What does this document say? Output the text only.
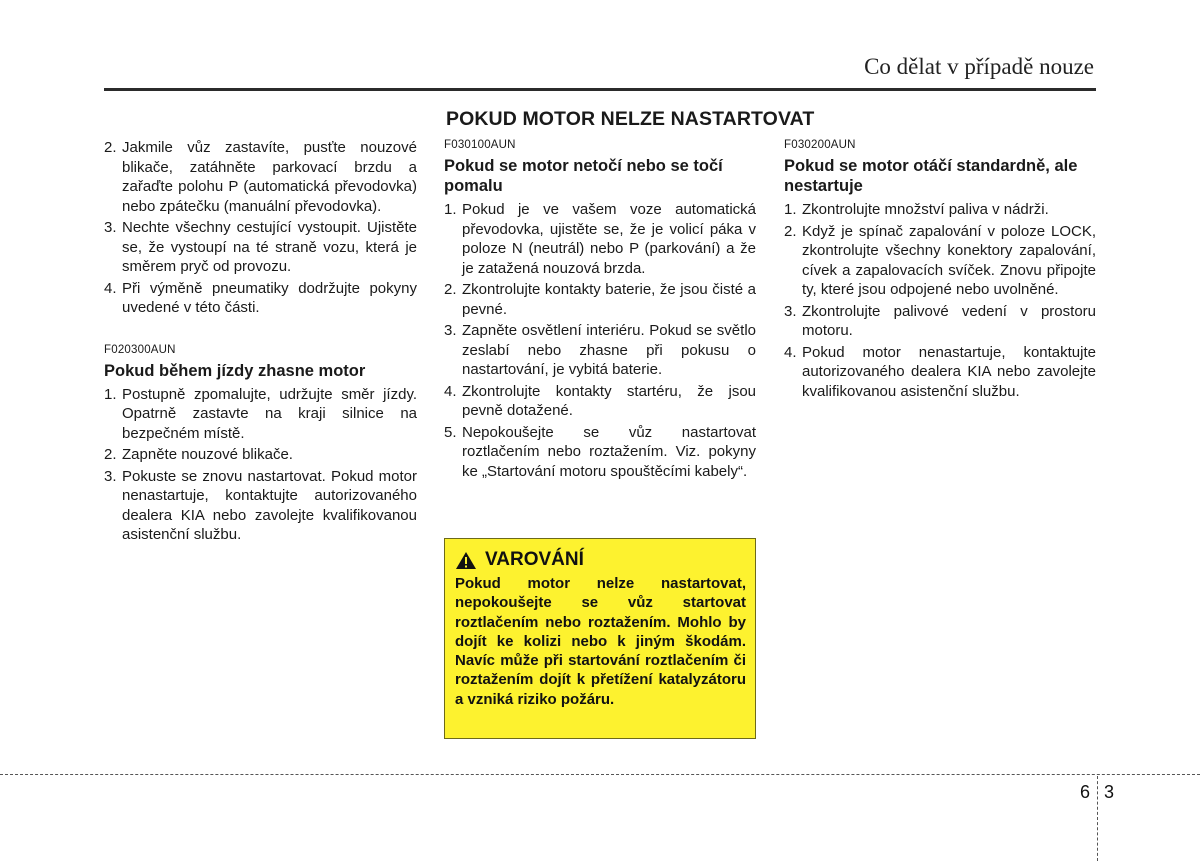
Co dělat v případě nouze
POKUD MOTOR NELZE NASTARTOVAT
2. Jakmile vůz zastavíte, pusťte nouzové blikače, zatáhněte parkovací brzdu a zařaďte polohu P (automatická převodovka) nebo zpátečku (manuální převodovka).
3. Nechte všechny cestující vystoupit. Ujistěte se, že vystoupí na té straně vozu, která je směrem pryč od provozu.
4. Při výměně pneumatiky dodržujte pokyny uvedené v této části.
F020300AUN
Pokud během jízdy zhasne motor
1. Postupně zpomalujte, udržujte směr jízdy. Opatrně zastavte na kraji silnice na bezpečném místě.
2. Zapněte nouzové blikače.
3. Pokuste se znovu nastartovat. Pokud motor nenastartuje, kontaktujte autorizovaného dealera KIA nebo zavolejte kvalifikovanou asistenční službu.
F030100AUN
Pokud se motor netočí nebo se točí pomalu
1. Pokud je ve vašem voze automatická převodovka, ujistěte se, že je volicí páka v poloze N (neutrál) nebo P (parkování) a že je zatažená nouzová brzda.
2. Zkontrolujte kontakty baterie, že jsou čisté a pevné.
3. Zapněte osvětlení interiéru. Pokud se světlo zeslabí nebo zhasne při pokusu o nastartování, je vybitá baterie.
4. Zkontrolujte kontakty startéru, že jsou pevně dotažené.
5. Nepokoušejte se vůz nastartovat roztlačením nebo roztažením. Viz. pokyny ke „Startování motoru spouštěcími kabely“.
VAROVÁNÍ
Pokud motor nelze nastartovat, nepokoušejte se vůz startovat roztlačením nebo roztažením. Mohlo by dojít ke kolizi nebo k jiným škodám. Navíc může při startování roztlačením či roztažením dojít k přetížení katalyzátoru a vzniká riziko požáru.
F030200AUN
Pokud se motor otáčí standardně, ale nestartuje
1. Zkontrolujte množství paliva v nádrži.
2. Když je spínač zapalování v poloze LOCK, zkontrolujte všechny konektory zapalování, cívek a zapalovacích svíček. Znovu připojte ty, které jsou odpojené nebo uvolněné.
3. Zkontrolujte palivové vedení v prostoru motoru.
4. Pokud motor nenastartuje, kontaktujte autorizovaného dealera KIA nebo zavolejte kvalifikovanou asistenční službu.
6 3
